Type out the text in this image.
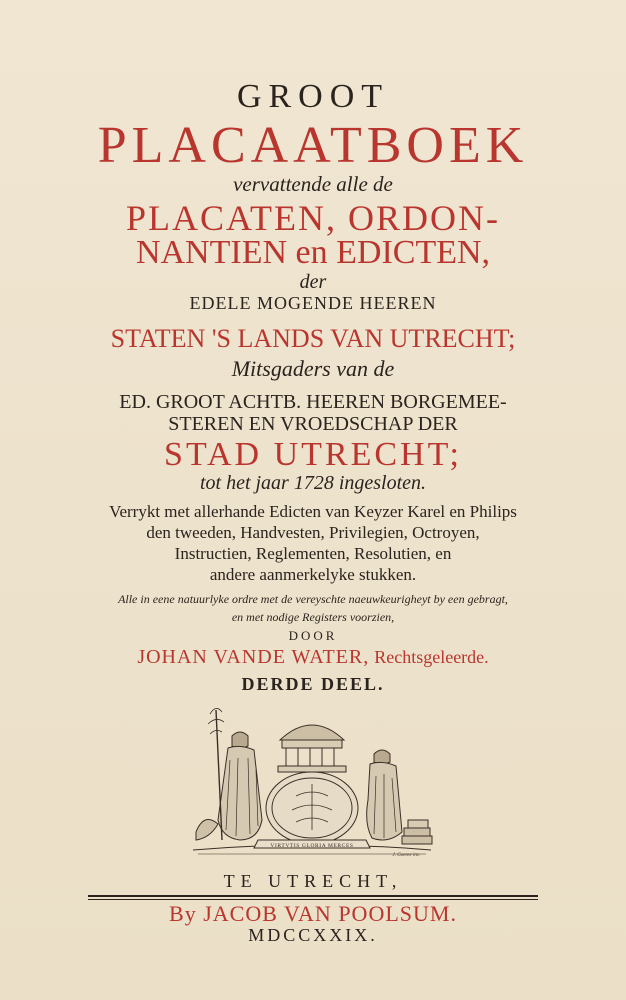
GROOT
PLACAATBOEK
vervattende alle de
PLACATEN, ORDON-
NANTIEN en EDICTEN,
der
EDELE MOGENDE HEEREN
STATEN 'S LANDS VAN UTRECHT;
Mitsgaders van de
ED. GROOT ACHTB. HEEREN BORGEMEE-
STEREN EN VROEDSCHAP DER
STAD UTRECHT;
tot het jaar 1728 ingesloten.
Verrykt met allerhande Edicten van Keyzer Karel en Philips
den tweeden, Handvesten, Privilegien, Octroyen,
Instructien, Reglementen, Resolutien, en
andere aanmerkelyke stukken.
Alle in eene natuurlyke ordre met de vereyschte naeuwkeurigheyt by een gebragt,
en met nodige Registers voorzien,
DOOR
JOHAN VANDE WATER, Rechtsgeleerde.
DERDE DEEL.
VIRTVTIS GLORIA MERCES
J. Goeree inv.
TE UTRECHT,
By JACOB VAN POOLSUM.
MDCCXXIX.
